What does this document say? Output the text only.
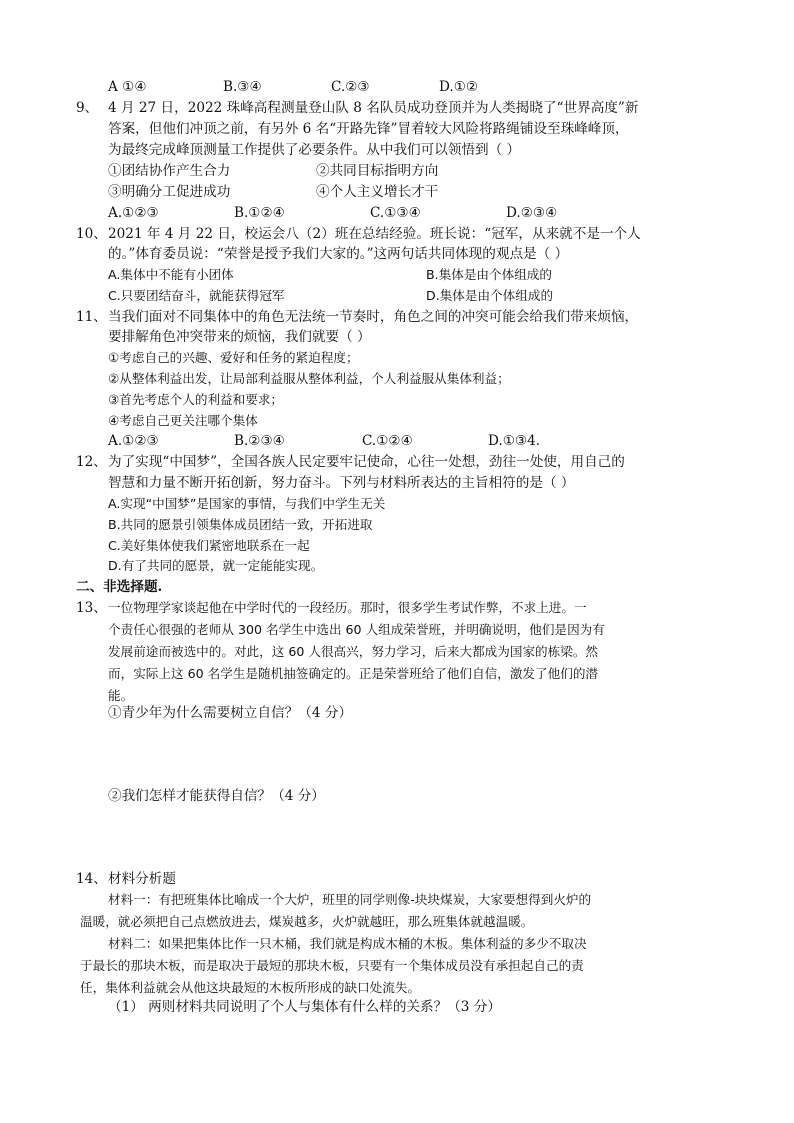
A ①④	B.③④	C.②③	D.①②
9、 4 月 27 日，2022 珠峰高程测量登山队 8 名队员成功登顶并为人类揭晓了“世界高度”新
答案，但他们冲顶之前，有另外 6 名“开路先锋”冒着较大风险将路绳铺设至珠峰峰顶，
为最终完成峰顶测量工作提供了必要条件。从中我们可以领悟到（ ）
①团结协作产生合力	②共同目标指明方向
③明确分工促进成功	④个人主义增长才干
A.①②③	B.①②④	C.①③④	D.②③④
10、 2021 年 4 月 22 日，校运会八（2）班在总结经验。班长说：“冠军，从来就不是一个人
的。”体育委员说：“荣誉是授予我们大家的。”这两句话共同体现的观点是（ ）
A.集体中不能有小团体	B.集体是由个体组成的
C.只要团结奋斗，就能获得冠军	D.集体是由个体组成的
11、 当我们面对不同集体中的角色无法统一节奏时，角色之间的冲突可能会给我们带来烦恼，
要排解角色冲突带来的烦恼，我们就要（ ）
①考虑自己的兴趣、爱好和任务的紧迫程度；
②从整体利益出发，让局部利益服从整体利益，个人利益服从集体利益；
③首先考虑个人的利益和要求；
④考虑自己更关注哪个集体
A.①②③	B.②③④	C.①②④	D.①③4.
12、 为了实现“中国梦”，全国各族人民定要牢记使命，心往一处想，劲往一处使，用自己的
智慧和力量不断开拓创新，努力奋斗。下列与材料所表达的主旨相符的是（ ）
A.实现“中国梦”是国家的事情，与我们中学生无关
B.共同的愿景引领集体成员团结一致，开拓进取
C.美好集体使我们紧密地联系在一起
D.有了共同的愿景，就一定能能实现。
二、非选择题.
13、 一位物理学家谈起他在中学时代的一段经历。那时，很多学生考试作弊，不求上进。一
个责任心很强的老师从 300 名学生中选出 60 人组成荣誉班，并明确说明，他们是因为有
发展前途而被选中的。对此，这 60 人很高兴，努力学习，后来大都成为国家的栋梁。然
而，实际上这 60 名学生是随机抽签确定的。正是荣誉班给了他们自信，激发了他们的潜
能。
①青少年为什么需要树立自信？（4 分）
②我们怎样才能获得自信？（4 分）
14、 材料分析题
材料一：有把班集体比喻成一个大炉，班里的同学则像-块块煤炭，大家要想得到火炉的
温暖，就必须把自己点燃放进去，煤炭越多，火炉就越旺，那么班集体就越温暖。
材料二：如果把集体比作一只木桶，我们就是构成木桶的木板。集体利益的多少不取决
于最长的那块木板，而是取决于最短的那块木板，只要有一个集体成员没有承担起自己的责
任，集体利益就会从他这块最短的木板所形成的缺口处流失。
（1） 两则材料共同说明了个人与集体有什么样的关系？（3 分）
